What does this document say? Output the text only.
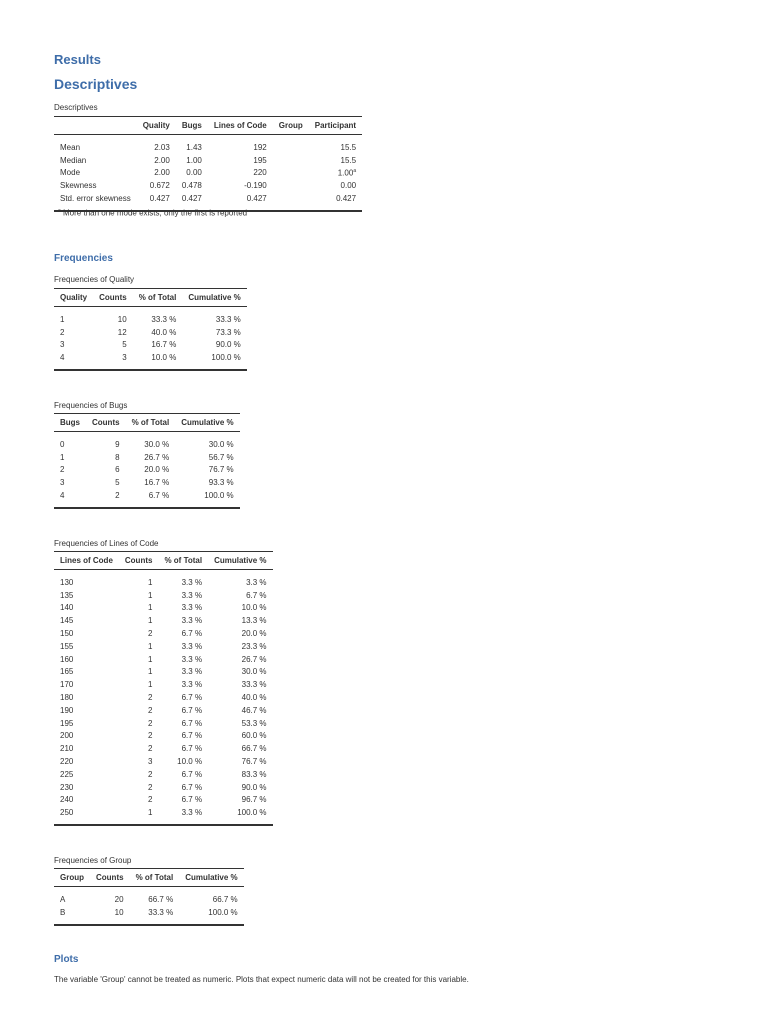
Results
Descriptives
Descriptives
	Quality	Bugs	Lines of Code	Group	Participant
Mean	2.03	1.43	192		15.5
Median	2.00	1.00	195		15.5
Mode	2.00	0.00	220		1.00$^a$
Skewness	0.672	0.478	-0.190		0.00
Std. error skewness	0.427	0.427	0.427		0.427
$^a$ More than one mode exists, only the first is reported
Frequencies
Frequencies of Quality
Quality	Counts	% of Total	Cumulative %
1	10	33.3 %	33.3 %
2	12	40.0 %	73.3 %
3	5	16.7 %	90.0 %
4	3	10.0 %	100.0 %
Frequencies of Bugs
Bugs	Counts	% of Total	Cumulative %
0	9	30.0 %	30.0 %
1	8	26.7 %	56.7 %
2	6	20.0 %	76.7 %
3	5	16.7 %	93.3 %
4	2	6.7 %	100.0 %
Frequencies of Lines of Code
Lines of Code	Counts	% of Total	Cumulative %
130	1	3.3 %	3.3 %
135	1	3.3 %	6.7 %
140	1	3.3 %	10.0 %
145	1	3.3 %	13.3 %
150	2	6.7 %	20.0 %
155	1	3.3 %	23.3 %
160	1	3.3 %	26.7 %
165	1	3.3 %	30.0 %
170	1	3.3 %	33.3 %
180	2	6.7 %	40.0 %
190	2	6.7 %	46.7 %
195	2	6.7 %	53.3 %
200	2	6.7 %	60.0 %
210	2	6.7 %	66.7 %
220	3	10.0 %	76.7 %
225	2	6.7 %	83.3 %
230	2	6.7 %	90.0 %
240	2	6.7 %	96.7 %
250	1	3.3 %	100.0 %
Frequencies of Group
Group	Counts	% of Total	Cumulative %
A	20	66.7 %	66.7 %
B	10	33.3 %	100.0 %
Plots
The variable 'Group' cannot be treated as numeric. Plots that expect numeric data will not be created for this variable.
